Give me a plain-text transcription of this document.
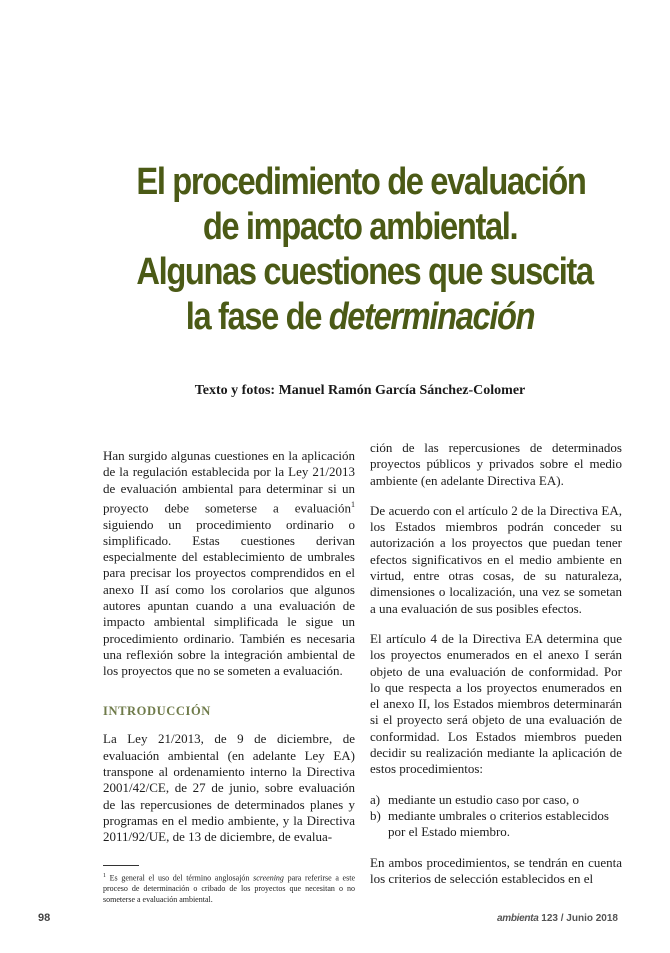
El procedimiento de evaluación
de impacto ambiental.
Algunas cuestiones que suscita
la fase de determinación
Texto y fotos: Manuel Ramón García Sánchez-Colomer

Han surgido algunas cuestiones en la aplicación de la regulación establecida por la Ley 21/2013 de evaluación ambiental para determinar si un proyecto debe someterse a evaluación$^1$ siguiendo un procedimiento ordinario o simplificado. Estas cuestiones derivan especialmente del establecimiento de umbrales para precisar los proyectos comprendidos en el anexo II así como los corolarios que algunos autores apuntan cuando a una evaluación de impacto ambiental simplificada le sigue un procedimiento ordinario. También es necesaria una reflexión sobre la integración ambiental de los proyectos que no se someten a evaluación.

INTRODUCCIÓN

La Ley 21/2013, de 9 de diciembre, de evaluación ambiental (en adelante Ley EA) transpone al ordenamiento interno la Directiva 2001/42/CE, de 27 de junio, sobre evaluación de las repercusiones de determinados planes y programas en el medio ambiente, y la Directiva 2011/92/UE, de 13 de diciembre, de evalua-

$^1$ Es general el uso del término anglosajón screening para referirse a este proceso de determinación o cribado de los proyectos que necesitan o no someterse a evaluación ambiental.

ción de las repercusiones de determinados proyectos públicos y privados sobre el medio ambiente (en adelante Directiva EA).

De acuerdo con el artículo 2 de la Directiva EA, los Estados miembros podrán conceder su autorización a los proyectos que puedan tener efectos significativos en el medio ambiente en virtud, entre otras cosas, de su naturaleza, dimensiones o localización, una vez se sometan a una evaluación de sus posibles efectos.

El artículo 4 de la Directiva EA determina que los proyectos enumerados en el anexo I serán objeto de una evaluación de conformidad. Por lo que respecta a los proyectos enumerados en el anexo II, los Estados miembros determinarán si el proyecto será objeto de una evaluación de conformidad. Los Estados miembros pueden decidir su realización mediante la aplicación de estos procedimientos:

a) mediante un estudio caso por caso, o
b) mediante umbrales o criterios establecidos por el Estado miembro.

En ambos procedimientos, se tendrán en cuenta los criterios de selección establecidos en el

98	ambienta 123 / Junio 2018
